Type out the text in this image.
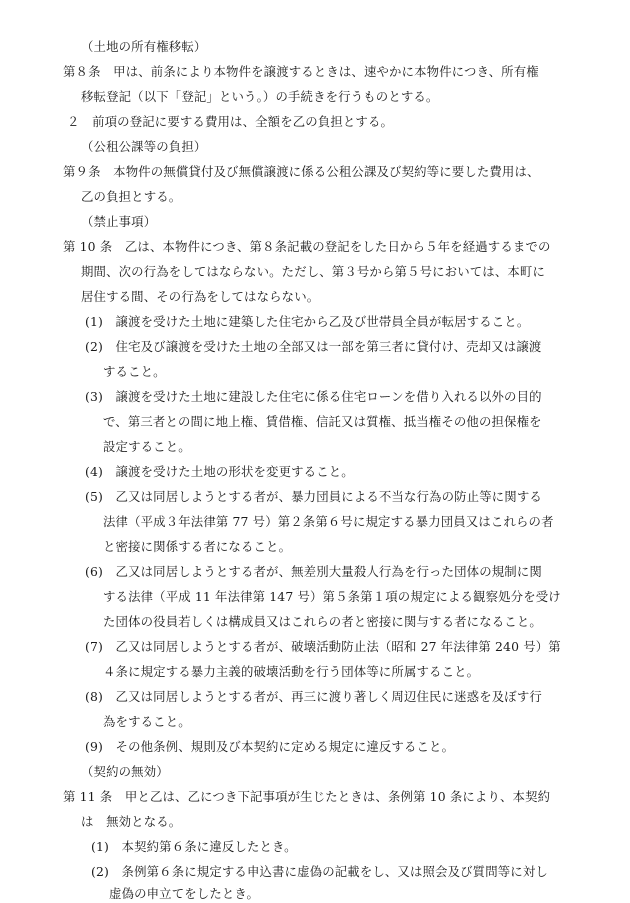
（土地の所有権移転）
第８条　甲は、前条により本物件を譲渡するときは、速やかに本物件につき、所有権
移転登記（以下「登記」という。）の手続きを行うものとする。
２　前項の登記に要する費用は、全額を乙の負担とする。
（公租公課等の負担）
第９条　本物件の無償貸付及び無償譲渡に係る公租公課及び契約等に要した費用は、
乙の負担とする。
（禁止事項）
第 10 条　乙は、本物件につき、第８条記載の登記をした日から５年を経過するまでの
期間、次の行為をしてはならない。ただし、第３号から第５号においては、本町に
居住する間、その行為をしてはならない。
(1)　譲渡を受けた土地に建築した住宅から乙及び世帯員全員が転居すること。
(2)　住宅及び譲渡を受けた土地の全部又は一部を第三者に貸付け、売却又は譲渡
すること。
(3)　譲渡を受けた土地に建設した住宅に係る住宅ローンを借り入れる以外の目的
で、第三者との間に地上権、賃借権、信託又は質権、抵当権その他の担保権を
設定すること。
(4)　譲渡を受けた土地の形状を変更すること。
(5)　乙又は同居しようとする者が、暴力団員による不当な行為の防止等に関する
法律（平成３年法律第 77 号）第２条第６号に規定する暴力団員又はこれらの者
と密接に関係する者になること。
(6)　乙又は同居しようとする者が、無差別大量殺人行為を行った団体の規制に関
する法律（平成 11 年法律第 147 号）第５条第１項の規定による観察処分を受け
た団体の役員若しくは構成員又はこれらの者と密接に関与する者になること。
(7)　乙又は同居しようとする者が、破壊活動防止法（昭和 27 年法律第 240 号）第
４条に規定する暴力主義的破壊活動を行う団体等に所属すること。
(8)　乙又は同居しようとする者が、再三に渡り著しく周辺住民に迷惑を及ぼす行
為をすること。
(9)　その他条例、規則及び本契約に定める規定に違反すること。
（契約の無効）
第 11 条　甲と乙は、乙につき下記事項が生じたときは、条例第 10 条により、本契約
は　無効となる。
(1)　本契約第６条に違反したとき。
(2)　条例第６条に規定する申込書に虚偽の記載をし、又は照会及び質問等に対し
虚偽の申立てをしたとき。
